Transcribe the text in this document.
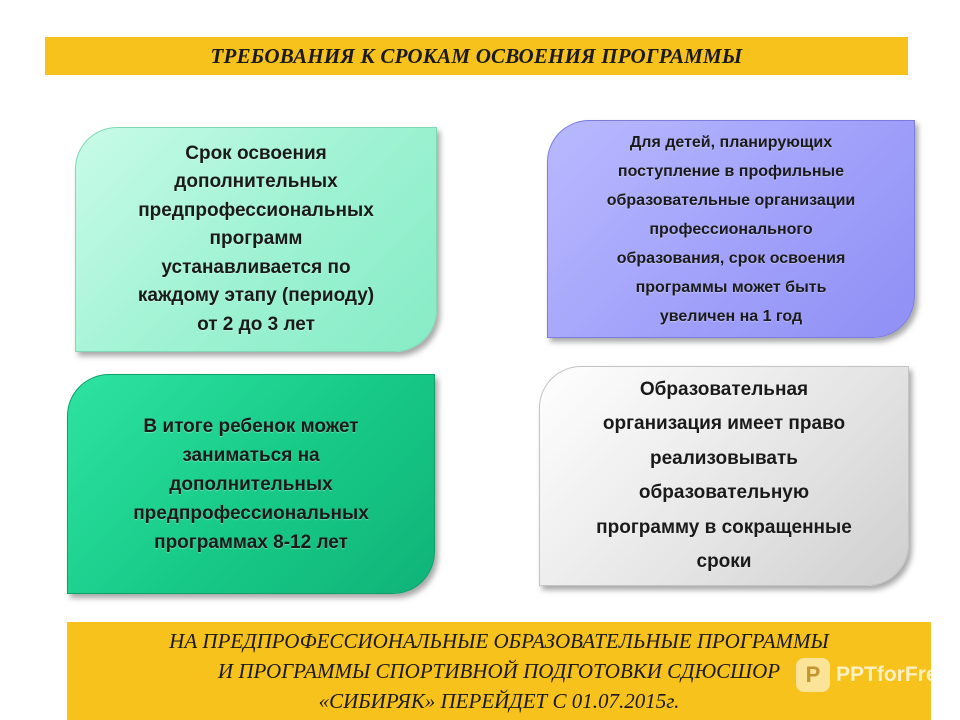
ТРЕБОВАНИЯ К СРОКАМ ОСВОЕНИЯ ПРОГРАММЫ
Срок освоения
дополнительных
предпрофессиональных
программ
устанавливается по
каждому этапу (периоду)
от 2 до 3 лет
Для детей, планирующих
поступление в профильные
образовательные организации
профессионального
образования, срок освоения
программы может быть
увеличен на 1 год
В итоге ребенок может
заниматься на
дополнительных
предпрофессиональных
программах 8-12 лет
Образовательная
организация имеет право
реализовывать
образовательную
программу в сокращенные
сроки
НА ПРЕДПРОФЕССИОНАЛЬНЫЕ ОБРАЗОВАТЕЛЬНЫЕ ПРОГРАММЫ
И ПРОГРАММЫ СПОРТИВНОЙ ПОДГОТОВКИ СДЮСШОР
«СИБИРЯК» ПЕРЕЙДЕТ С 01.07.2015г.
P PPTforFree
